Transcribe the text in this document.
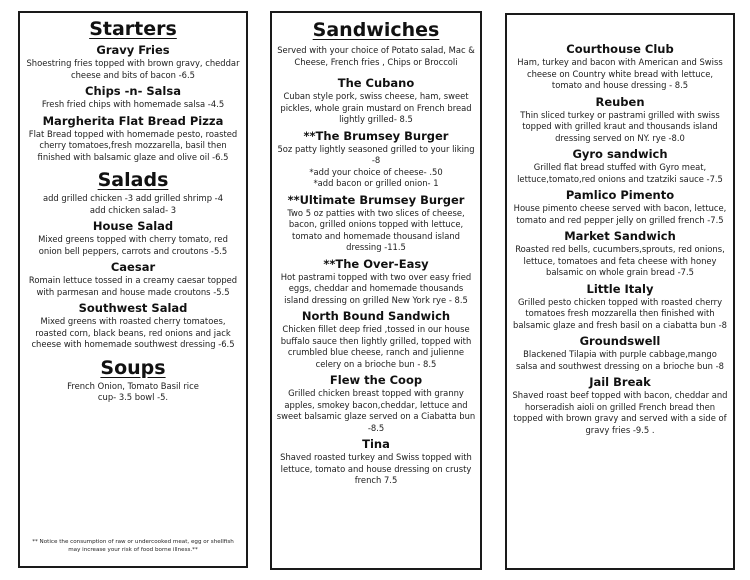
Starters
Gravy Fries
Shoestring fries topped with brown gravy, cheddar cheese and bits of bacon -6.5
Chips -n- Salsa
Fresh fried chips with homemade salsa -4.5
Margherita Flat Bread Pizza
Flat Bread topped with homemade pesto, roasted cherry tomatoes,fresh mozzarella, basil then finished with balsamic glaze and olive oil -6.5
Salads
add grilled chicken -3 add grilled shrimp -4
add chicken salad- 3
House Salad
Mixed greens topped with cherry tomato, red onion bell peppers, carrots and croutons -5.5
Caesar
Romain lettuce tossed in a creamy caesar topped with parmesan and house made croutons -5.5
Southwest Salad
Mixed greens with roasted cherry tomatoes, roasted corn, black beans, red onions and jack cheese with homemade southwest dressing -6.5
Soups
French Onion, Tomato Basil rice
cup- 3.5 bowl -5.
** Notice the consumption of raw or undercooked meat, egg or shellfish may increase your risk of food borne illness.**
Sandwiches
Served with your choice of Potato salad, Mac & Cheese, French fries , Chips or Broccoli
The Cubano
Cuban style pork, swiss cheese, ham, sweet pickles, whole grain mustard on French bread lightly grilled- 8.5
**The Brumsey Burger
5oz patty lightly seasoned grilled to your liking -8
*add your choice of cheese- .50
*add bacon or grilled onion- 1
**Ultimate Brumsey Burger
Two 5 oz patties with two slices of cheese, bacon, grilled onions topped with lettuce, tomato and homemade thousand island dressing -11.5
**The Over-Easy
Hot pastrami topped with two over easy fried eggs, cheddar and homemade thousands island dressing on grilled New York rye - 8.5
North Bound Sandwich
Chicken fillet deep fried ,tossed in our house buffalo sauce then lightly grilled, topped with crumbled blue cheese, ranch and julienne celery on a brioche bun - 8.5
Flew the Coop
Grilled chicken breast topped with granny apples, smokey bacon,cheddar, lettuce and sweet balsamic glaze served on a Ciabatta bun -8.5
Tina
Shaved roasted turkey and Swiss topped with lettuce, tomato and house dressing on crusty french 7.5
Courthouse Club
Ham, turkey and bacon with American and Swiss cheese on Country white bread with lettuce, tomato and house dressing - 8.5
Reuben
Thin sliced turkey or pastrami grilled with swiss topped with grilled kraut and thousands island dressing served on NY. rye -8.0
Gyro sandwich
Grilled flat bread stuffed with Gyro meat, lettuce,tomato,red onions and tzatziki sauce -7.5
Pamlico Pimento
House pimento cheese served with bacon, lettuce, tomato and red pepper jelly on grilled french -7.5
Market Sandwich
Roasted red bells, cucumbers,sprouts, red onions, lettuce, tomatoes and feta cheese with honey balsamic on whole grain bread -7.5
Little Italy
Grilled pesto chicken topped with roasted cherry tomatoes fresh mozzarella then finished with balsamic glaze and fresh basil on a ciabatta bun -8
Groundswell
Blackened Tilapia with purple cabbage,mango salsa and southwest dressing on a brioche bun -8
Jail Break
Shaved roast beef topped with bacon, cheddar and horseradish aioli on grilled French bread then topped with brown gravy and served with a side of gravy fries -9.5 .
